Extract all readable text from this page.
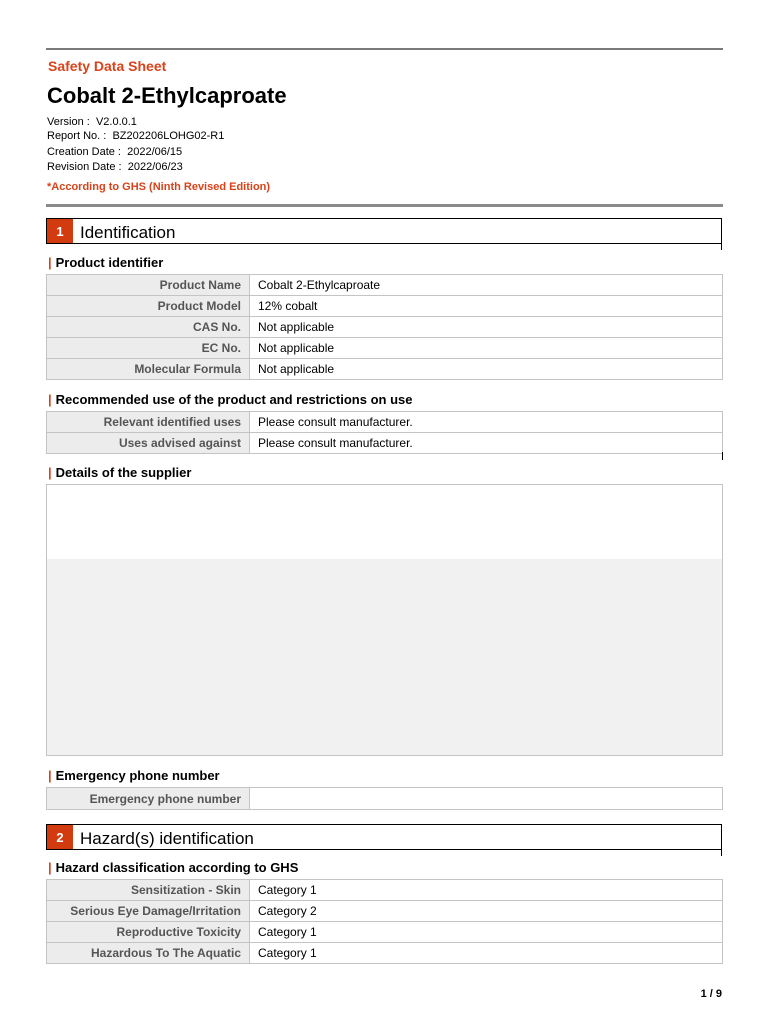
Safety Data Sheet
Cobalt 2-Ethylcaproate
Version : V2.0.0.1
Report No. : BZ202206LOHG02-R1
Creation Date : 2022/06/15
Revision Date : 2022/06/23
*According to GHS (Ninth Revised Edition)
1 Identification
| Product identifier
Product Name	Cobalt 2-Ethylcaproate
Product Model	12% cobalt
CAS No.	Not applicable
EC No.	Not applicable
Molecular Formula	Not applicable
| Recommended use of the product and restrictions on use
Relevant identified uses	Please consult manufacturer.
Uses advised against	Please consult manufacturer.
| Details of the supplier
| Emergency phone number
Emergency phone number	
2 Hazard(s) identification
| Hazard classification according to GHS
Sensitization - Skin	Category 1
Serious Eye Damage/Irritation	Category 2
Reproductive Toxicity	Category 1
Hazardous To The Aquatic	Category 1
1 / 9
